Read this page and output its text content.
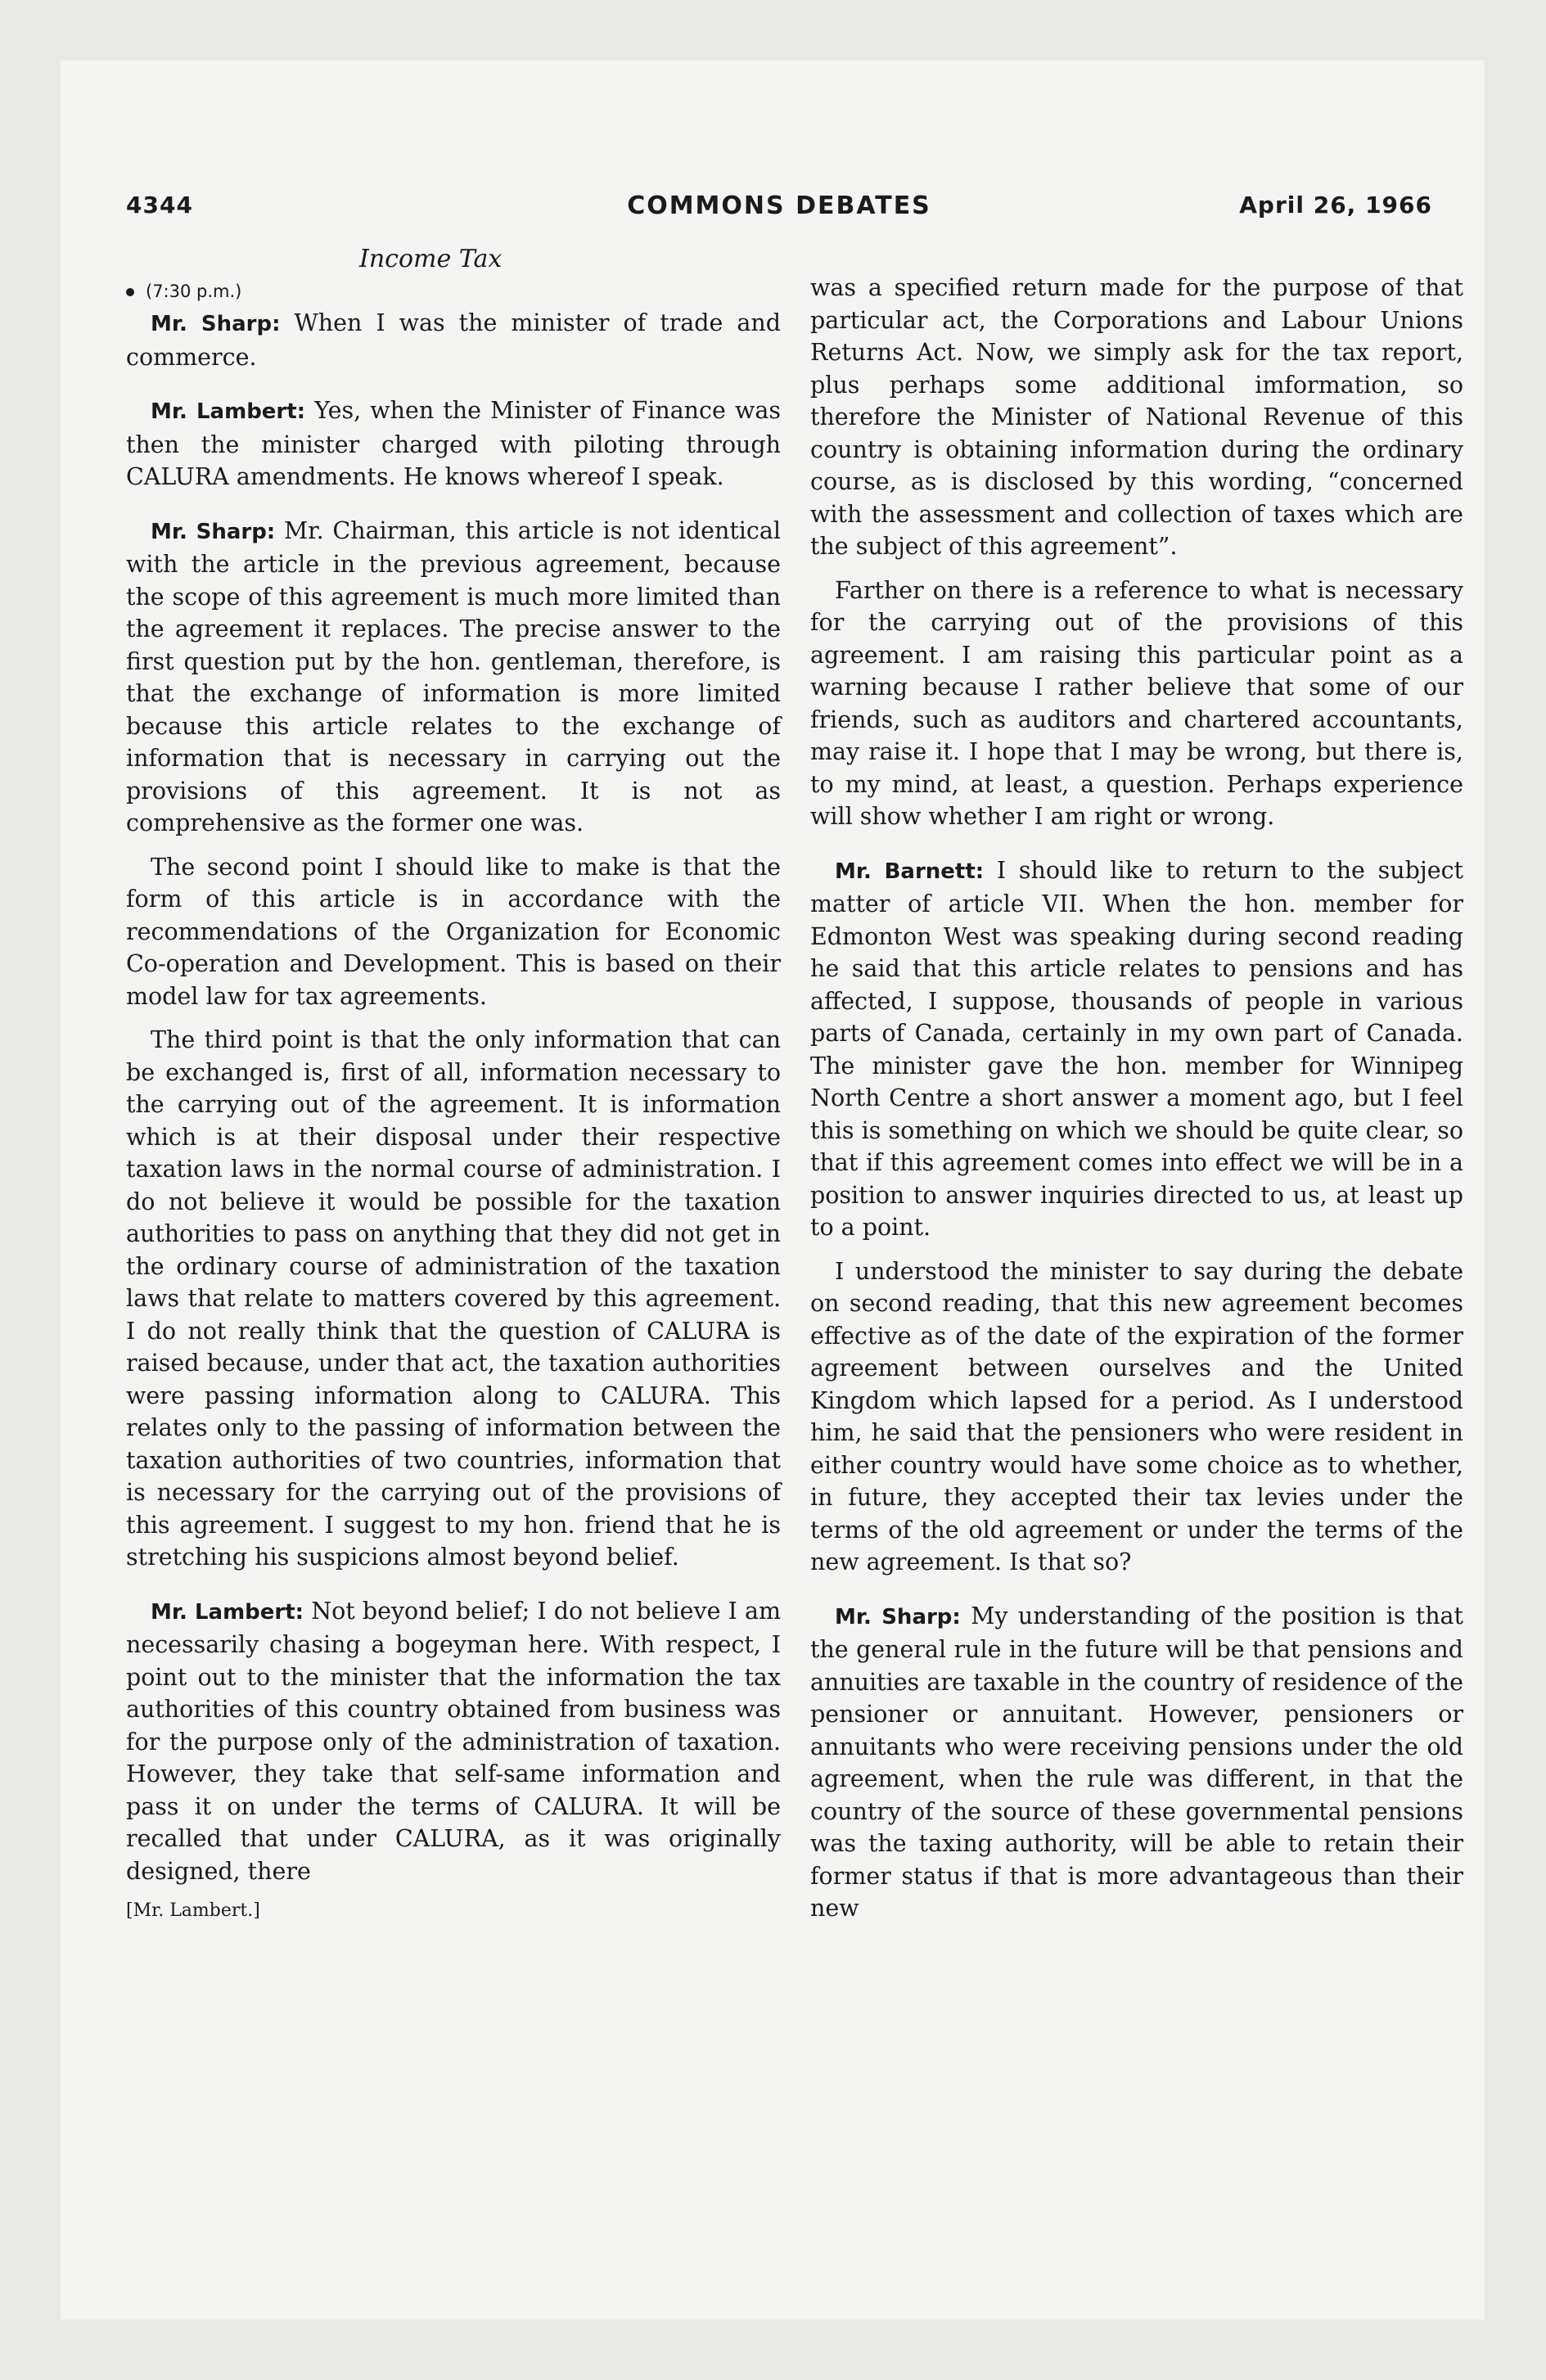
4344	COMMONS DEBATES	April 26, 1966
Income Tax
(7:30 p.m.)

Mr. Sharp: When I was the minister of trade and commerce.

Mr. Lambert: Yes, when the Minister of Finance was then the minister charged with piloting through CALURA amendments. He knows whereof I speak.

Mr. Sharp: Mr. Chairman, this article is not identical with the article in the previous agreement, because the scope of this agreement is much more limited than the agreement it replaces. The precise answer to the first question put by the hon. gentleman, therefore, is that the exchange of information is more limited because this article relates to the exchange of information that is necessary in carrying out the provisions of this agreement. It is not as comprehensive as the former one was.

The second point I should like to make is that the form of this article is in accordance with the recommendations of the Organization for Economic Co-operation and Development. This is based on their model law for tax agreements.

The third point is that the only information that can be exchanged is, first of all, information necessary to the carrying out of the agreement. It is information which is at their disposal under their respective taxation laws in the normal course of administration. I do not believe it would be possible for the taxation authorities to pass on anything that they did not get in the ordinary course of administration of the taxation laws that relate to matters covered by this agreement. I do not really think that the question of CALURA is raised because, under that act, the taxation authorities were passing information along to CALURA. This relates only to the passing of information between the taxation authorities of two countries, information that is necessary for the carrying out of the provisions of this agreement. I suggest to my hon. friend that he is stretching his suspicions almost beyond belief.

Mr. Lambert: Not beyond belief; I do not believe I am necessarily chasing a bogeyman here. With respect, I point out to the minister that the information the tax authorities of this country obtained from business was for the purpose only of the administration of taxation. However, they take that self-same information and pass it on under the terms of CALURA. It will be recalled that under CALURA, as it was originally designed, there

[Mr. Lambert.]

was a specified return made for the purpose of that particular act, the Corporations and Labour Unions Returns Act. Now, we simply ask for the tax report, plus perhaps some additional imformation, so therefore the Minister of National Revenue of this country is obtaining information during the ordinary course, as is disclosed by this wording, “concerned with the assessment and collection of taxes which are the subject of this agreement”.

Farther on there is a reference to what is necessary for the carrying out of the provisions of this agreement. I am raising this particular point as a warning because I rather believe that some of our friends, such as auditors and chartered accountants, may raise it. I hope that I may be wrong, but there is, to my mind, at least, a question. Perhaps experience will show whether I am right or wrong.

Mr. Barnett: I should like to return to the subject matter of article VII. When the hon. member for Edmonton West was speaking during second reading he said that this article relates to pensions and has affected, I suppose, thousands of people in various parts of Canada, certainly in my own part of Canada. The minister gave the hon. member for Winnipeg North Centre a short answer a moment ago, but I feel this is something on which we should be quite clear, so that if this agreement comes into effect we will be in a position to answer inquiries directed to us, at least up to a point.

I understood the minister to say during the debate on second reading, that this new agreement becomes effective as of the date of the expiration of the former agreement between ourselves and the United Kingdom which lapsed for a period. As I understood him, he said that the pensioners who were resident in either country would have some choice as to whether, in future, they accepted their tax levies under the terms of the old agreement or under the terms of the new agreement. Is that so?

Mr. Sharp: My understanding of the position is that the general rule in the future will be that pensions and annuities are taxable in the country of residence of the pensioner or annuitant. However, pensioners or annuitants who were receiving pensions under the old agreement, when the rule was different, in that the country of the source of these governmental pensions was the taxing authority, will be able to retain their former status if that is more advantageous than their new
